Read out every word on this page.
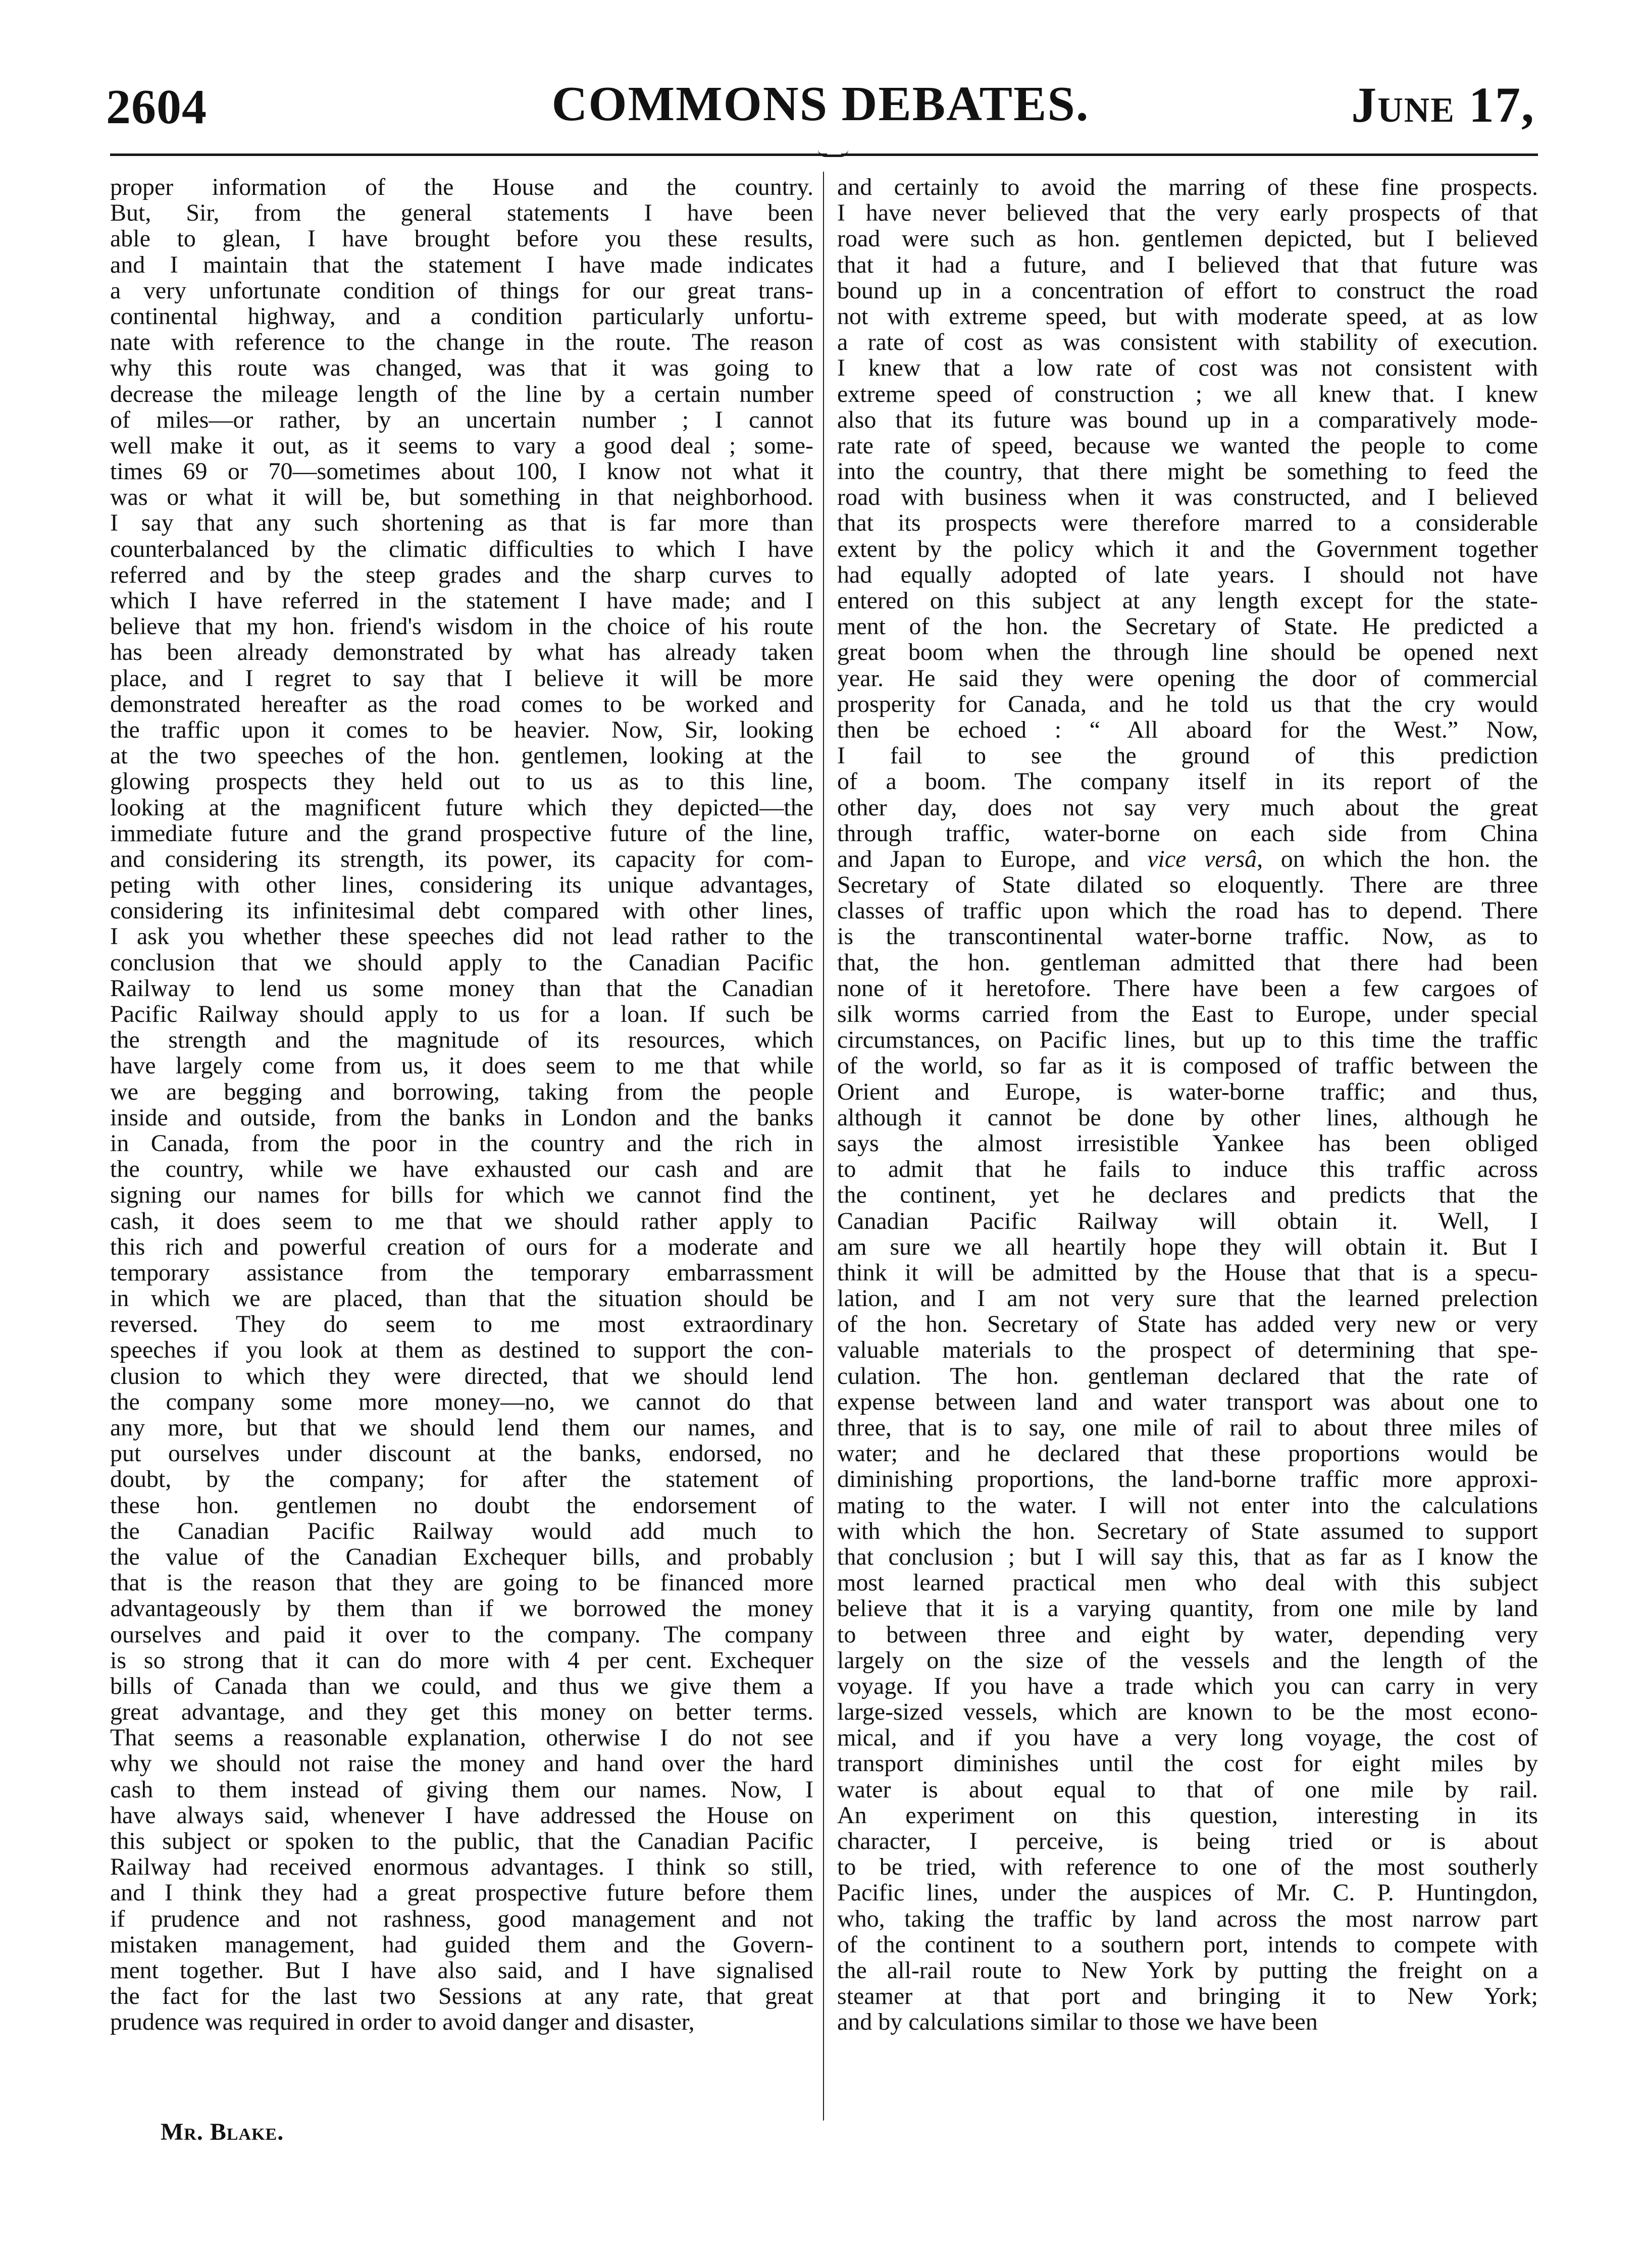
COMMONS DEBATES.
2604	June 17,
proper information of the House and the country.
But, Sir, from the general statements I have been
able to glean, I have brought before you these results,
and I maintain that the statement I have made indicates
a very unfortunate condition of things for our great trans-
continental highway, and a condition particularly unfortu-
nate with reference to the change in the route. The reason
why this route was changed, was that it was going to
decrease the mileage length of the line by a certain number
of miles—or rather, by an uncertain number ; I cannot
well make it out, as it seems to vary a good deal ; some-
times 69 or 70—sometimes about 100, I know not what it
was or what it will be, but something in that neighborhood.
I say that any such shortening as that is far more than
counterbalanced by the climatic difficulties to which I have
referred and by the steep grades and the sharp curves to
which I have referred in the statement I have made; and I
believe that my hon. friend's wisdom in the choice of his route
has been already demonstrated by what has already taken
place, and I regret to say that I believe it will be more
demonstrated hereafter as the road comes to be worked and
the traffic upon it comes to be heavier. Now, Sir, looking
at the two speeches of the hon. gentlemen, looking at the
glowing prospects they held out to us as to this line,
looking at the magnificent future which they depicted—the
immediate future and the grand prospective future of the line,
and considering its strength, its power, its capacity for com-
peting with other lines, considering its unique advantages,
considering its infinitesimal debt compared with other lines,
I ask you whether these speeches did not lead rather to the
conclusion that we should apply to the Canadian Pacific
Railway to lend us some money than that the Canadian
Pacific Railway should apply to us for a loan. If such be
the strength and the magnitude of its resources, which
have largely come from us, it does seem to me that while
we are begging and borrowing, taking from the people
inside and outside, from the banks in London and the banks
in Canada, from the poor in the country and the rich in
the country, while we have exhausted our cash and are
signing our names for bills for which we cannot find the
cash, it does seem to me that we should rather apply to
this rich and powerful creation of ours for a moderate and
temporary assistance from the temporary embarrassment
in which we are placed, than that the situation should be
reversed. They do seem to me most extraordinary
speeches if you look at them as destined to support the con-
clusion to which they were directed, that we should lend
the company some more money—no, we cannot do that
any more, but that we should lend them our names, and
put ourselves under discount at the banks, endorsed, no
doubt, by the company; for after the statement of
these hon. gentlemen no doubt the endorsement of
the Canadian Pacific Railway would add much to
the value of the Canadian Exchequer bills, and probably
that is the reason that they are going to be financed more
advantageously by them than if we borrowed the money
ourselves and paid it over to the company. The company
is so strong that it can do more with 4 per cent. Exchequer
bills of Canada than we could, and thus we give them a
great advantage, and they get this money on better terms.
That seems a reasonable explanation, otherwise I do not see
why we should not raise the money and hand over the hard
cash to them instead of giving them our names. Now, I
have always said, whenever I have addressed the House on
this subject or spoken to the public, that the Canadian Pacific
Railway had received enormous advantages. I think so still,
and I think they had a great prospective future before them
if prudence and not rashness, good management and not
mistaken management, had guided them and the Govern-
ment together. But I have also said, and I have signalised
the fact for the last two Sessions at any rate, that great
prudence was required in order to avoid danger and disaster,
and certainly to avoid the marring of these fine prospects.
I have never believed that the very early prospects of that
road were such as hon. gentlemen depicted, but I believed
that it had a future, and I believed that that future was
bound up in a concentration of effort to construct the road
not with extreme speed, but with moderate speed, at as low
a rate of cost as was consistent with stability of execution.
I knew that a low rate of cost was not consistent with
extreme speed of construction ; we all knew that. I knew
also that its future was bound up in a comparatively mode-
rate rate of speed, because we wanted the people to come
into the country, that there might be something to feed the
road with business when it was constructed, and I believed
that its prospects were therefore marred to a considerable
extent by the policy which it and the Government together
had equally adopted of late years. I should not have
entered on this subject at any length except for the state-
ment of the hon. the Secretary of State. He predicted a
great boom when the through line should be opened next
year. He said they were opening the door of commercial
prosperity for Canada, and he told us that the cry would
then be echoed : “ All aboard for the West.” Now,
I fail to see the ground of this prediction
of a boom. The company itself in its report of the
other day, does not say very much about the great
through traffic, water-borne on each side from China
and Japan to Europe, and vice versâ, on which the hon. the
Secretary of State dilated so eloquently. There are three
classes of traffic upon which the road has to depend. There
is the transcontinental water-borne traffic. Now, as to
that, the hon. gentleman admitted that there had been
none of it heretofore. There have been a few cargoes of
silk worms carried from the East to Europe, under special
circumstances, on Pacific lines, but up to this time the traffic
of the world, so far as it is composed of traffic between the
Orient and Europe, is water-borne traffic; and thus,
although it cannot be done by other lines, although he
says the almost irresistible Yankee has been obliged
to admit that he fails to induce this traffic across
the continent, yet he declares and predicts that the
Canadian Pacific Railway will obtain it. Well, I
am sure we all heartily hope they will obtain it. But I
think it will be admitted by the House that that is a specu-
lation, and I am not very sure that the learned prelection
of the hon. Secretary of State has added very new or very
valuable materials to the prospect of determining that spe-
culation. The hon. gentleman declared that the rate of
expense between land and water transport was about one to
three, that is to say, one mile of rail to about three miles of
water; and he declared that these proportions would be
diminishing proportions, the land-borne traffic more approxi-
mating to the water. I will not enter into the calculations
with which the hon. Secretary of State assumed to support
that conclusion ; but I will say this, that as far as I know the
most learned practical men who deal with this subject
believe that it is a varying quantity, from one mile by land
to between three and eight by water, depending very
largely on the size of the vessels and the length of the
voyage. If you have a trade which you can carry in very
large-sized vessels, which are known to be the most econo-
mical, and if you have a very long voyage, the cost of
transport diminishes until the cost for eight miles by
water is about equal to that of one mile by rail.
An experiment on this question, interesting in its
character, I perceive, is being tried or is about
to be tried, with reference to one of the most southerly
Pacific lines, under the auspices of Mr. C. P. Huntingdon,
who, taking the traffic by land across the most narrow part
of the continent to a southern port, intends to compete with
the all-rail route to New York by putting the freight on a
steamer at that port and bringing it to New York;
and by calculations similar to those we have been
Mr. Blake.
